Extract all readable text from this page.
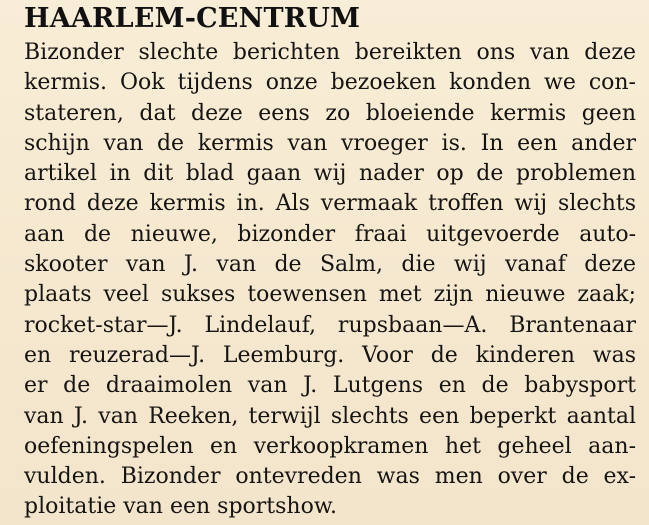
HAARLEM-CENTRUM
Bizonder slechte berichten bereikten ons van deze
kermis. Ook tijdens onze bezoeken konden we con-
stateren, dat deze eens zo bloeiende kermis geen
schijn van de kermis van vroeger is. In een ander
artikel in dit blad gaan wij nader op de problemen
rond deze kermis in. Als vermaak troffen wij slechts
aan de nieuwe, bizonder fraai uitgevoerde auto-
skooter van J. van de Salm, die wij vanaf deze
plaats veel sukses toewensen met zijn nieuwe zaak;
rocket-star—J. Lindelauf, rupsbaan—A. Brantenaar
en reuzerad—J. Leemburg. Voor de kinderen was
er de draaimolen van J. Lutgens en de babysport
van J. van Reeken, terwijl slechts een beperkt aantal
oefeningspelen en verkoopkramen het geheel aan-
vulden. Bizonder ontevreden was men over de ex-
ploitatie van een sportshow.
